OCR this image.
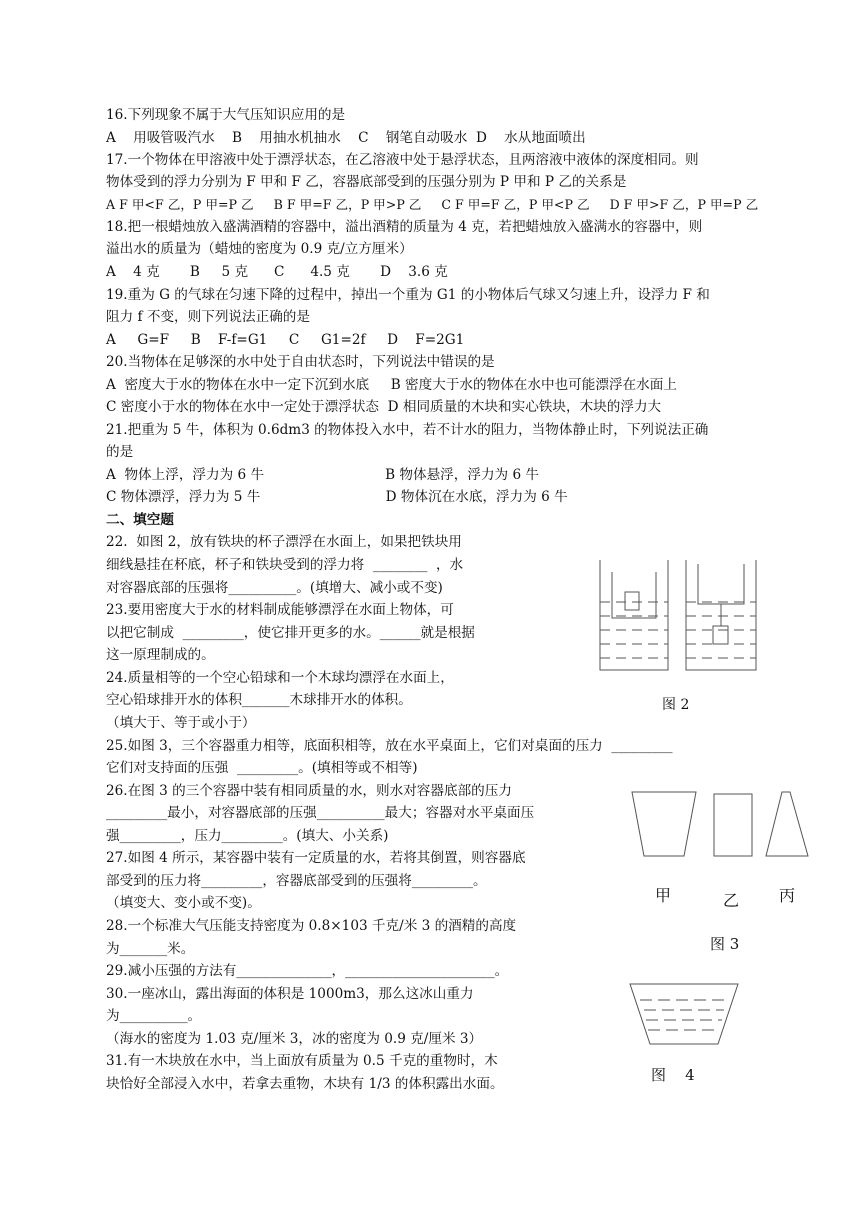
16.下列现象不属于大气压知识应用的是
A    用吸管吸汽水    B    用抽水机抽水    C    钢笔自动吸水  D    水从地面喷出
17.一个物体在甲溶液中处于漂浮状态，在乙溶液中处于悬浮状态，且两溶液中液体的深度相同。则
物体受到的浮力分别为 F 甲和 F 乙，容器底部受到的压强分别为 P 甲和 P 乙的关系是
A F 甲<F 乙，P 甲=P 乙     B F 甲=F 乙，P 甲>P 乙     C F 甲=F 乙，P 甲<P 乙     D F 甲>F 乙，P 甲=P 乙
18.把一根蜡烛放入盛满酒精的容器中，溢出酒精的质量为 4 克，若把蜡烛放入盛满水的容器中，则
溢出水的质量为（蜡烛的密度为 0.9 克/立方厘米）
A    4 克       B     5 克      C      4.5 克       D    3.6 克
19.重为 G 的气球在匀速下降的过程中，掉出一个重为 G1 的小物体后气球又匀速上升，设浮力 F 和
阻力 f 不变，则下列说法正确的是
A     G=F     B    F-f=G1     C     G1=2f     D    F=2G1
20.当物体在足够深的水中处于自由状态时，下列说法中错误的是
A  密度大于水的物体在水中一定下沉到水底     B 密度大于水的物体在水中也可能漂浮在水面上
C 密度小于水的物体在水中一定处于漂浮状态  D 相同质量的木块和实心铁块，木块的浮力大
21.把重为 5 牛，体积为 0.6dm3 的物体投入水中，若不计水的阻力，当物体静止时，下列说法正确
的是
A  物体上浮，浮力为 6 牛                            B 物体悬浮，浮力为 6 牛
C 物体漂浮，浮力为 5 牛                             D 物体沉在水底，浮力为 6 牛
二、填空题
22.  如图 2，放有铁块的杯子漂浮在水面上，如果把铁块用
细线悬挂在杯底，杯子和铁块受到的浮力将  ________  ，水
对容器底部的压强将__________。(填增大、减小或不变)
23.要用密度大于水的材料制成能够漂浮在水面上物体，可
以把它制成  _________，使它排开更多的水。______就是根据
这一原理制成的。
24.质量相等的一个空心铅球和一个木球均漂浮在水面上，
空心铅球排开水的体积_______木球排开水的体积。
（填大于、等于或小于）
25.如图 3，三个容器重力相等，底面积相等，放在水平桌面上，它们对桌面的压力  _________
它们对支持面的压强  _________。(填相等或不相等)
26.在图 3 的三个容器中装有相同质量的水，则水对容器底部的压力
_________最小，对容器底部的压强__________最大；容器对水平桌面压
强_________，压力_________。(填大、小关系)
27.如图 4 所示，某容器中装有一定质量的水，若将其倒置，则容器底
部受到的压力将_________，容器底部受到的压强将_________。
（填变大、变小或不变)。
28.一个标准大气压能支持密度为 0.8×103 千克/米 3 的酒精的高度
为_______米。
29.减小压强的方法有______________，______________________。
30.一座冰山，露出海面的体积是 1000m3，那么这冰山重力
为__________。
（海水的密度为 1.03 克/厘米 3，冰的密度为 0.9 克/厘米 3）
31.有一木块放在水中，当上面放有质量为 0.5 千克的重物时，木
块恰好全部浸入水中，若拿去重物，木块有 1/3 的体积露出水面。
图 2
甲	乙 丙
图 3
图    4
